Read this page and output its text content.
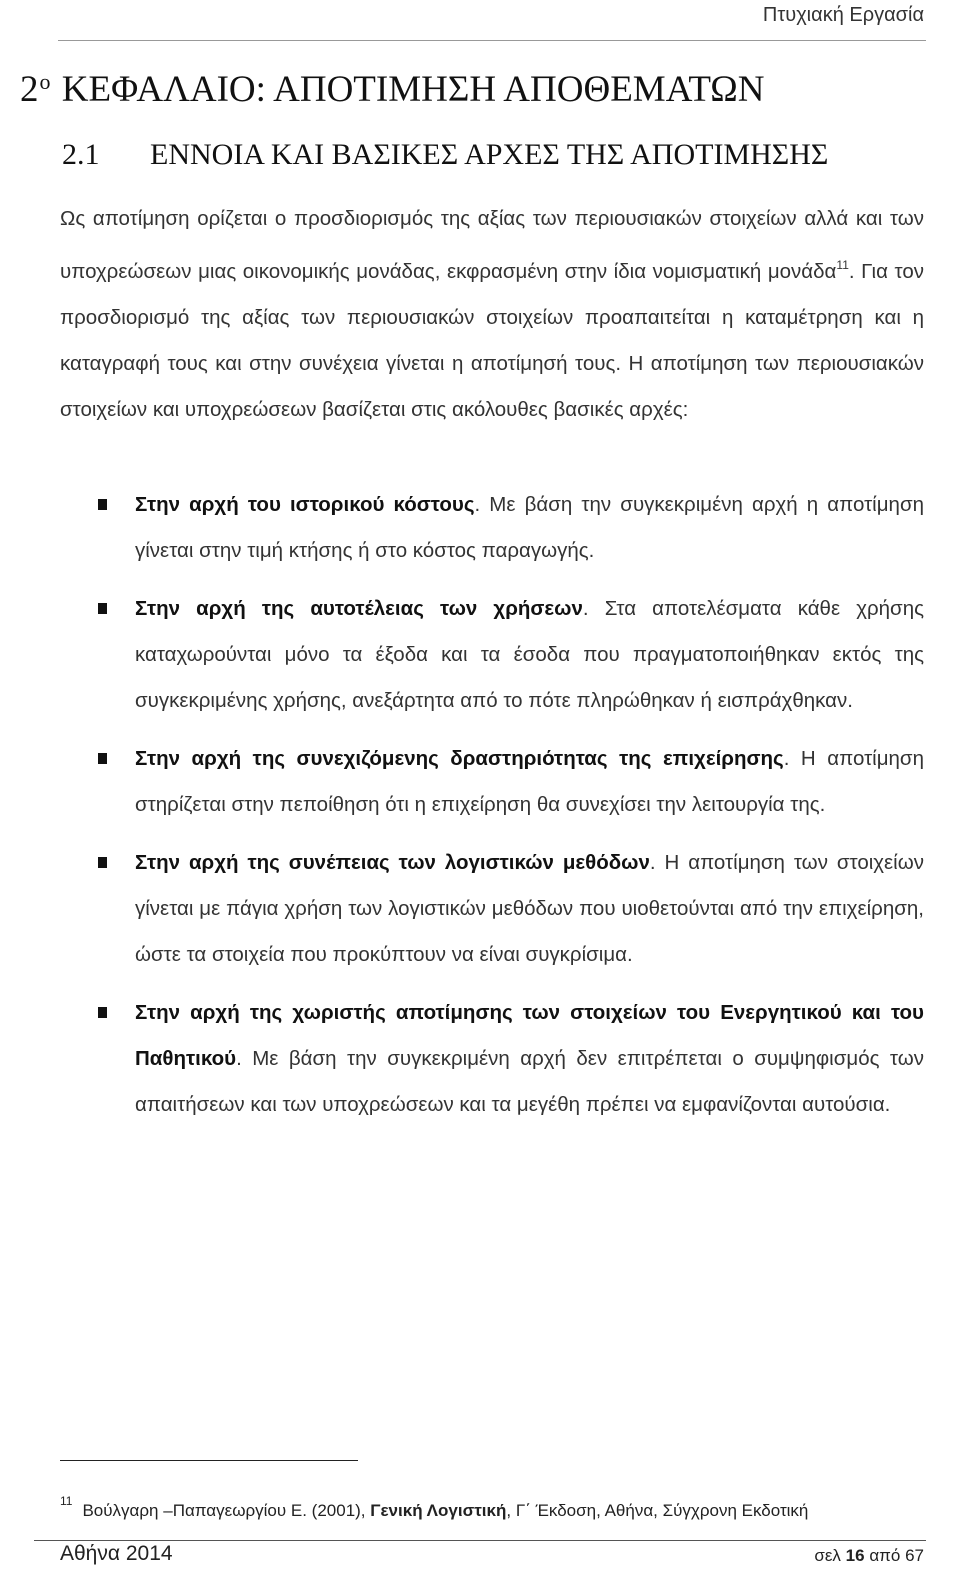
Πτυχιακή Εργασία
$2^o$ ΚΕΦΑΛΑΙΟ: ΑΠΟΤΙΜΗΣΗ ΑΠΟΘΕΜΑΤΩΝ
2.1 ΕΝΝΟΙΑ ΚΑΙ ΒΑΣΙΚΕΣ ΑΡΧΕΣ ΤΗΣ ΑΠΟΤΙΜΗΣΗΣ

Ως αποτίμηση ορίζεται ο προσδιορισμός της αξίας των περιουσιακών στοιχείων αλλά και των υποχρεώσεων μιας οικονομικής μονάδας, εκφρασμένη στην ίδια νομισματική μονάδα$^{11}$. Για τον προσδιορισμό της αξίας των περιουσιακών στοιχείων προαπαιτείται η καταμέτρηση και η καταγραφή τους και στην συνέχεια γίνεται η αποτίμησή τους. Η αποτίμηση των περιουσιακών στοιχείων και υποχρεώσεων βασίζεται στις ακόλουθες βασικές αρχές:

Στην αρχή του ιστορικού κόστους. Με βάση την συγκεκριμένη αρχή η αποτίμηση γίνεται στην τιμή κτήσης ή στο κόστος παραγωγής.
Στην αρχή της αυτοτέλειας των χρήσεων. Στα αποτελέσματα κάθε χρήσης καταχωρούνται μόνο τα έξοδα και τα έσοδα που πραγματοποιήθηκαν εκτός της συγκεκριμένης χρήσης, ανεξάρτητα από το πότε πληρώθηκαν ή εισπράχθηκαν.
Στην αρχή της συνεχιζόμενης δραστηριότητας της επιχείρησης. Η αποτίμηση στηρίζεται στην πεποίθηση ότι η επιχείρηση θα συνεχίσει την λειτουργία της.
Στην αρχή της συνέπειας των λογιστικών μεθόδων. Η αποτίμηση των στοιχείων γίνεται με πάγια χρήση των λογιστικών μεθόδων που υιοθετούνται από την επιχείρηση, ώστε τα στοιχεία που προκύπτουν να είναι συγκρίσιμα.
Στην αρχή της χωριστής αποτίμησης των στοιχείων του Ενεργητικού και του Παθητικού. Με βάση την συγκεκριμένη αρχή δεν επιτρέπεται ο συμψηφισμός των απαιτήσεων και των υποχρεώσεων και τα μεγέθη πρέπει να εμφανίζονται αυτούσια.
$^{11}$ Βούλγαρη –Παπαγεωργίου Ε. (2001), Γενική Λογιστική, Γ΄ Έκδοση, Αθήνα, Σύγχρονη Εκδοτική
Αθήνα 2014	σελ 16 από 67
